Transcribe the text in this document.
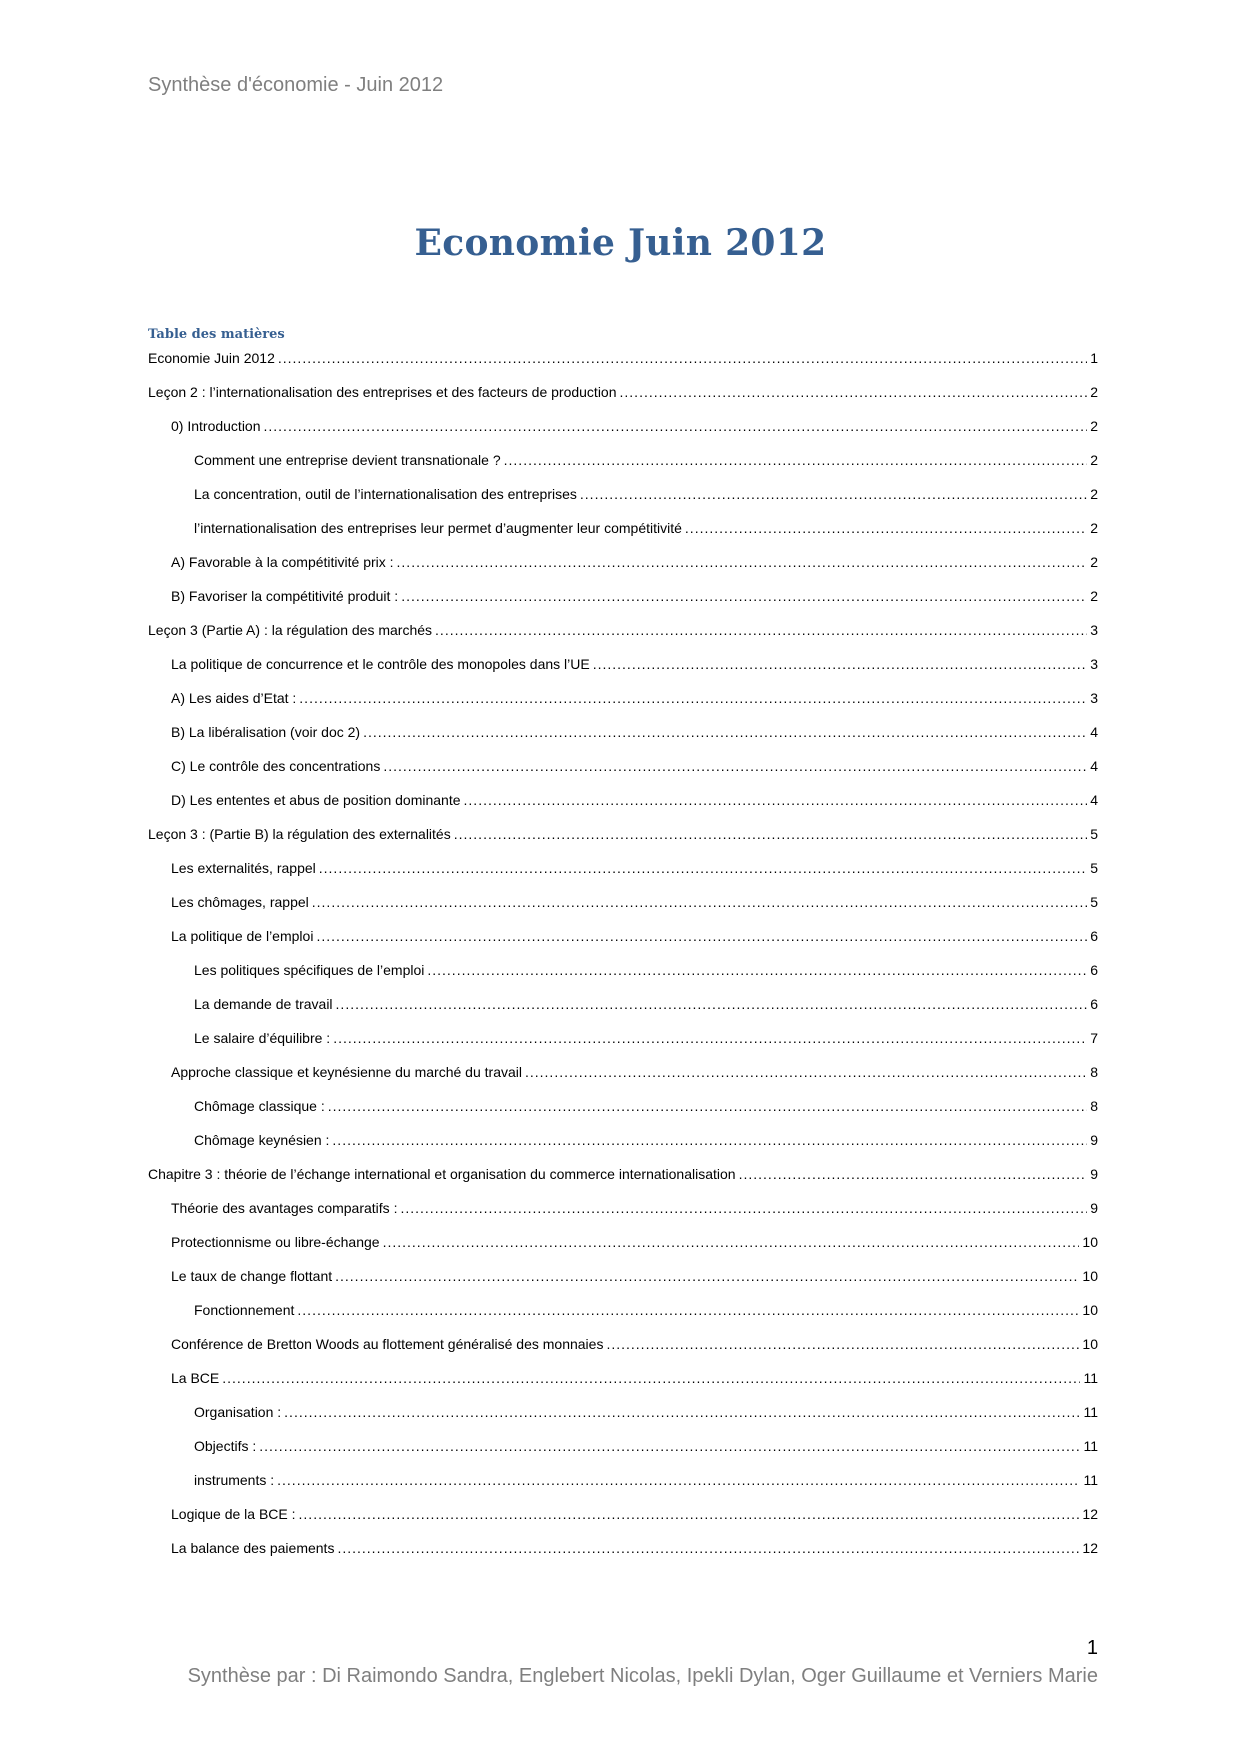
Synthèse d'économie - Juin 2012
Economie Juin 2012
Table des matières
Economie Juin 2012 .....	1
Leçon 2 : l’internationalisation des entreprises et des facteurs de production .....	2
0) Introduction .....	2
Comment une entreprise devient transnationale ? .....	2
La concentration, outil de l’internationalisation des entreprises .....	2
l’internationalisation des entreprises leur permet d’augmenter leur compétitivité .....	2
A) Favorable à la compétitivité prix : .....	2
B) Favoriser la compétitivité produit : .....	2
Leçon 3 (Partie A) : la régulation des marchés .....	3
La politique de concurrence et le contrôle des monopoles dans l’UE .....	3
A) Les aides d’Etat : .....	3
B) La libéralisation (voir doc 2) .....	4
C) Le contrôle des concentrations .....	4
D) Les ententes et abus de position dominante .....	4
Leçon 3 : (Partie B) la régulation des externalités .....	5
Les externalités, rappel .....	5
Les chômages, rappel .....	5
La politique de l’emploi .....	6
Les politiques spécifiques de l’emploi .....	6
La demande de travail .....	6
Le salaire d’équilibre : .....	7
Approche classique et keynésienne du marché du travail .....	8
Chômage classique : .....	8
Chômage keynésien : .....	9
Chapitre 3 : théorie de l’échange international et organisation du commerce internationalisation .....	9
Théorie des avantages comparatifs : .....	9
Protectionnisme ou libre-échange .....	10
Le taux de change flottant .....	10
Fonctionnement .....	10
Conférence de Bretton Woods au flottement généralisé des monnaies .....	10
La BCE .....	11
Organisation : .....	11
Objectifs : .....	11
instruments : .....	11
Logique de la BCE : .....	12
La balance des paiements .....	12
1
Synthèse par : Di Raimondo Sandra, Englebert Nicolas, Ipekli Dylan, Oger Guillaume et Verniers Marie
